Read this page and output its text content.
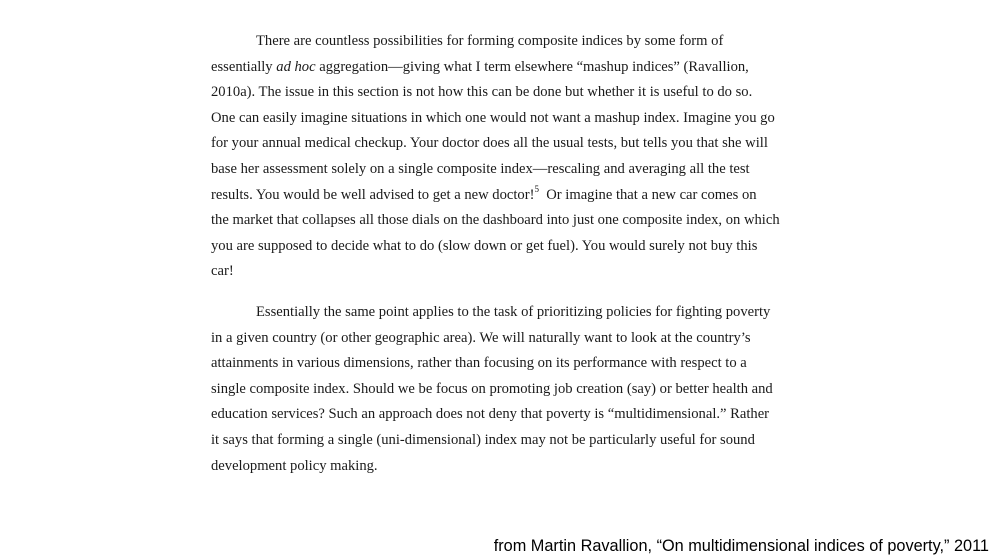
There are countless possibilities for forming composite indices by some form of
essentially ad hoc aggregation—giving what I term elsewhere “mashup indices” (Ravallion,
2010a). The issue in this section is not how this can be done but whether it is useful to do so.
One can easily imagine situations in which one would not want a mashup index. Imagine you go
for your annual medical checkup. Your doctor does all the usual tests, but tells you that she will
base her assessment solely on a single composite index—rescaling and averaging all the test
results. You would be well advised to get a new doctor!$^5$  Or imagine that a new car comes on
the market that collapses all those dials on the dashboard into just one composite index, on which
you are supposed to decide what to do (slow down or get fuel). You would surely not buy this
car!
Essentially the same point applies to the task of prioritizing policies for fighting poverty
in a given country (or other geographic area). We will naturally want to look at the country’s
attainments in various dimensions, rather than focusing on its performance with respect to a
single composite index. Should we be focus on promoting job creation (say) or better health and
education services? Such an approach does not deny that poverty is “multidimensional.” Rather
it says that forming a single (uni-dimensional) index may not be particularly useful for sound
development policy making.
from Martin Ravallion, “On multidimensional indices of poverty,” 2011
